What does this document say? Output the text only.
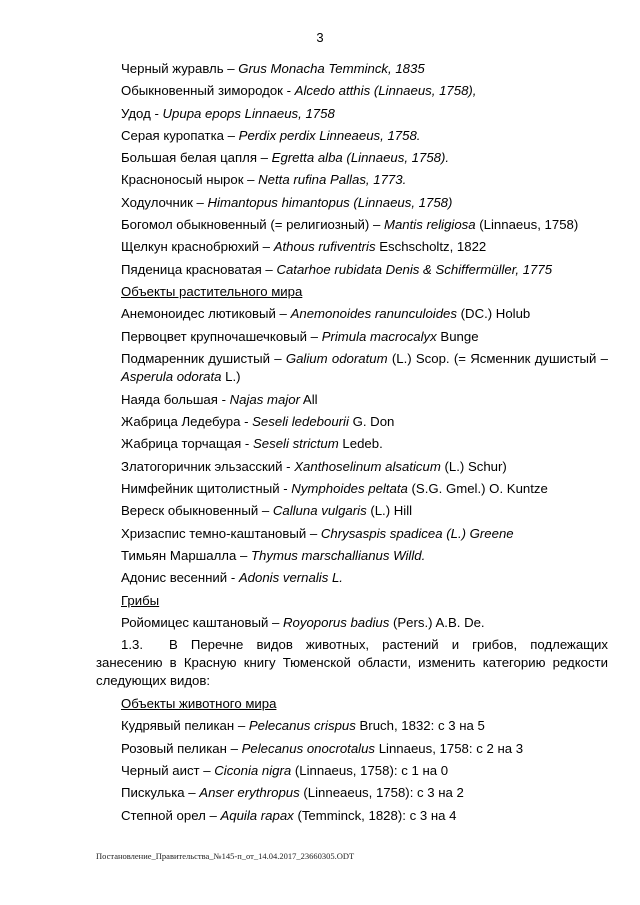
3
Черный журавль – Grus Monacha Temminck, 1835
Обыкновенный зимородок - Alcedo atthis (Linnaeus, 1758),
Удод - Upupa epops Linnaeus, 1758
Серая куропатка – Perdix perdix Linneaeus, 1758.
Большая белая цапля – Egretta alba (Linnaeus, 1758).
Красноносый нырок – Netta rufina Pallas, 1773.
Ходулочник – Himantopus himantopus (Linnaeus, 1758)
Богомол обыкновенный (= религиозный) – Mantis religiosa (Linnaeus, 1758)
Щелкун краснобрюхий – Athous rufiventris Eschscholtz, 1822
Пяденица красноватая – Catarhoe rubidata Denis & Schiffermüller, 1775
Объекты растительного мира
Анемоноидес лютиковый – Anemonoides ranunculoides (DC.) Holub
Первоцвет крупночашечковый – Primula macrocalyx Bunge
Подмаренник душистый – Galium odoratum (L.) Scop. (= Ясменник душистый – Asperula odorata L.)
Наяда большая - Najas major All
Жабрица Ледебура - Seseli ledebourii G. Don
Жабрица торчащая - Seseli strictum Ledeb.
Златогоричник эльзасский - Xanthoselinum alsaticum (L.) Schur)
Нимфейник щитолистный - Nymphoides peltata (S.G. Gmel.) O. Kuntze
Вереск обыкновенный – Calluna vulgaris (L.) Hill
Хризаспис темно-каштановый – Chrysaspis spadicea (L.) Greene
Тимьян Маршалла – Thymus marschallianus Willd.
Адонис весенний - Adonis vernalis L.
Грибы
Ройомицес каштановый – Royoporus badius (Pers.) A.B. De.
1.3. В Перечне видов животных, растений и грибов, подлежащих занесению в Красную книгу Тюменской области, изменить категорию редкости следующих видов:
Объекты животного мира
Кудрявый пеликан – Pelecanus crispus Bruch, 1832: с 3 на 5
Розовый пеликан – Pelecanus onocrotalus Linnaeus, 1758: с 2 на 3
Черный аист – Ciconia nigra (Linnaeus, 1758): с 1 на 0
Пискулька – Anser erythropus (Linneaeus, 1758): с 3 на 2
Степной орел – Aquila rapax (Temminck, 1828): с 3 на 4
Постановление_Правительства_№145-п_от_14.04.2017_23660305.ODT
